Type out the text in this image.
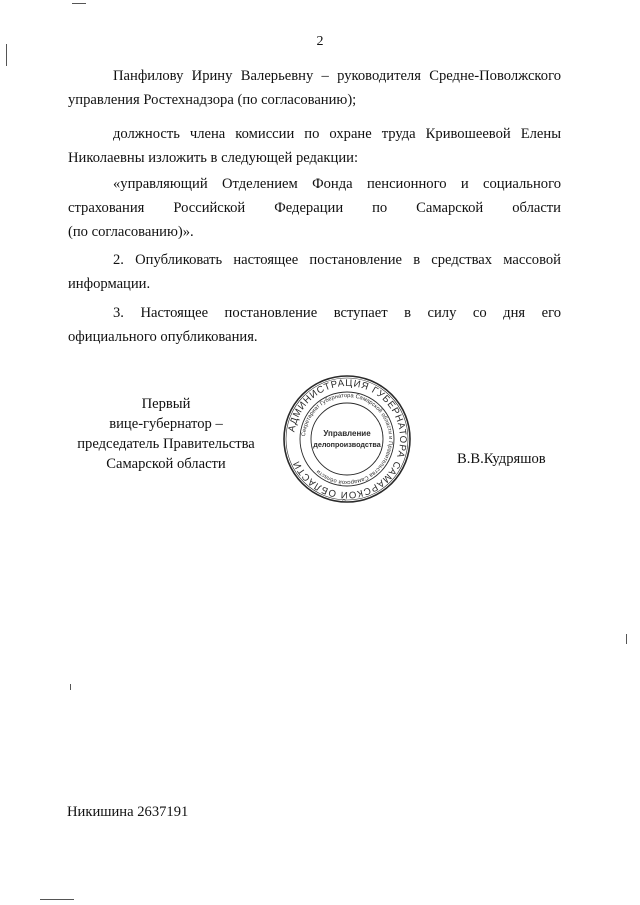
2
Панфилову Ирину Валерьевну – руководителя Средне-Поволжского
управления Ростехнадзора (по согласованию);
должность члена комиссии по охране труда Кривошеевой Елены
Николаевны изложить в следующей редакции:
«управляющий Отделением Фонда пенсионного и социального
страхования Российской Федерации по Самарской области
(по согласованию)».
2. Опубликовать настоящее постановление в средствах массовой
информации.
3. Настоящее постановление вступает в силу со дня его
официального опубликования.
Первый
вице-губернатор –
председатель Правительства
Самарской области
АДМИНИСТРАЦИЯ ГУБЕРНАТОРА САМАРСКОЙ ОБЛАСТИ
Секретариат Губернатора Самарской области и Правительства Самарской области
Управление
делопроизводства
В.В.Кудряшов
Никишина 2637191
